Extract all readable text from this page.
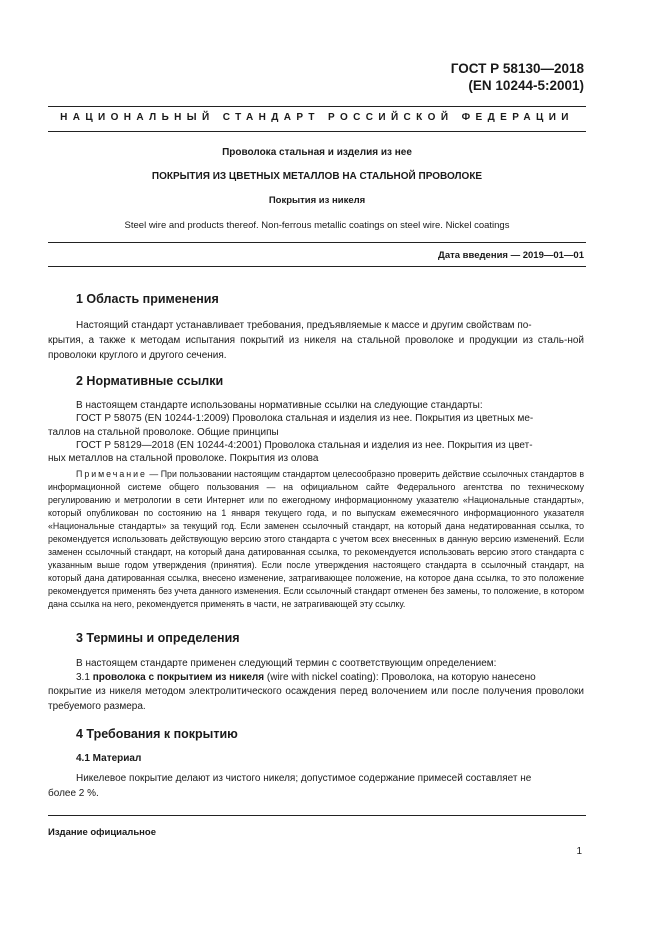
ГОСТ Р 58130—2018
(EN 10244-5:2001)
НАЦИОНАЛЬНЫЙ СТАНДАРТ РОССИЙСКОЙ ФЕДЕРАЦИИ
Проволока стальная и изделия из нее
ПОКРЫТИЯ ИЗ ЦВЕТНЫХ МЕТАЛЛОВ НА СТАЛЬНОЙ ПРОВОЛОКЕ
Покрытия из никеля
Steel wire and products thereof. Non-ferrous metallic coatings on steel wire. Nickel coatings
Дата введения — 2019—01—01
1 Область применения
Настоящий стандарт устанавливает требования, предъявляемые к массе и другим свойствам по-
крытия, а также к методам испытания покрытий из никеля на стальной проволоке и продукции из сталь-ной проволоки круглого и другого сечения.
2 Нормативные ссылки
В настоящем стандарте использованы нормативные ссылки на следующие стандарты:
ГОСТ Р 58075 (EN 10244-1:2009) Проволока стальная и изделия из нее. Покрытия из цветных ме-
таллов на стальной проволоке. Общие принципы
ГОСТ Р 58129—2018 (EN 10244-4:2001) Проволока стальная и изделия из нее. Покрытия из цвет-
ных металлов на стальной проволоке. Покрытия из олова
Примечание — При пользовании настоящим стандартом целесообразно проверить действие ссылочных стандартов в информационной системе общего пользования — на официальном сайте Федерального агентства по техническому регулированию и метрологии в сети Интернет или по ежегодному информационному указателю «Национальные стандарты», который опубликован по состоянию на 1 января текущего года, и по выпускам ежемесячного информационного указателя «Национальные стандарты» за текущий год. Если заменен ссылочный стандарт, на который дана недатированная ссылка, то рекомендуется использовать действующую версию этого стандарта с учетом всех внесенных в данную версию изменений. Если заменен ссылочный стандарт, на который дана датированная ссылка, то рекомендуется использовать версию этого стандарта с указанным выше годом утверждения (принятия). Если после утверждения настоящего стандарта в ссылочный стандарт, на который дана датированная ссылка, внесено изменение, затрагивающее положение, на которое дана ссылка, то это положение рекомендуется применять без учета данного изменения. Если ссылочный стандарт отменен без замены, то положение, в котором дана ссылка на него, рекомендуется применять в части, не затрагивающей эту ссылку.
3 Термины и определения
В настоящем стандарте применен следующий термин с соответствующим определением:
3.1 проволока с покрытием из никеля (wire with nickel coating): Проволока, на которую нанесено
покрытие из никеля методом электролитического осаждения перед волочением или после получения проволоки требуемого размера.
4 Требования к покрытию
4.1 Материал
Никелевое покрытие делают из чистого никеля; допустимое содержание примесей составляет не
более 2 %.
Издание официальное
1
